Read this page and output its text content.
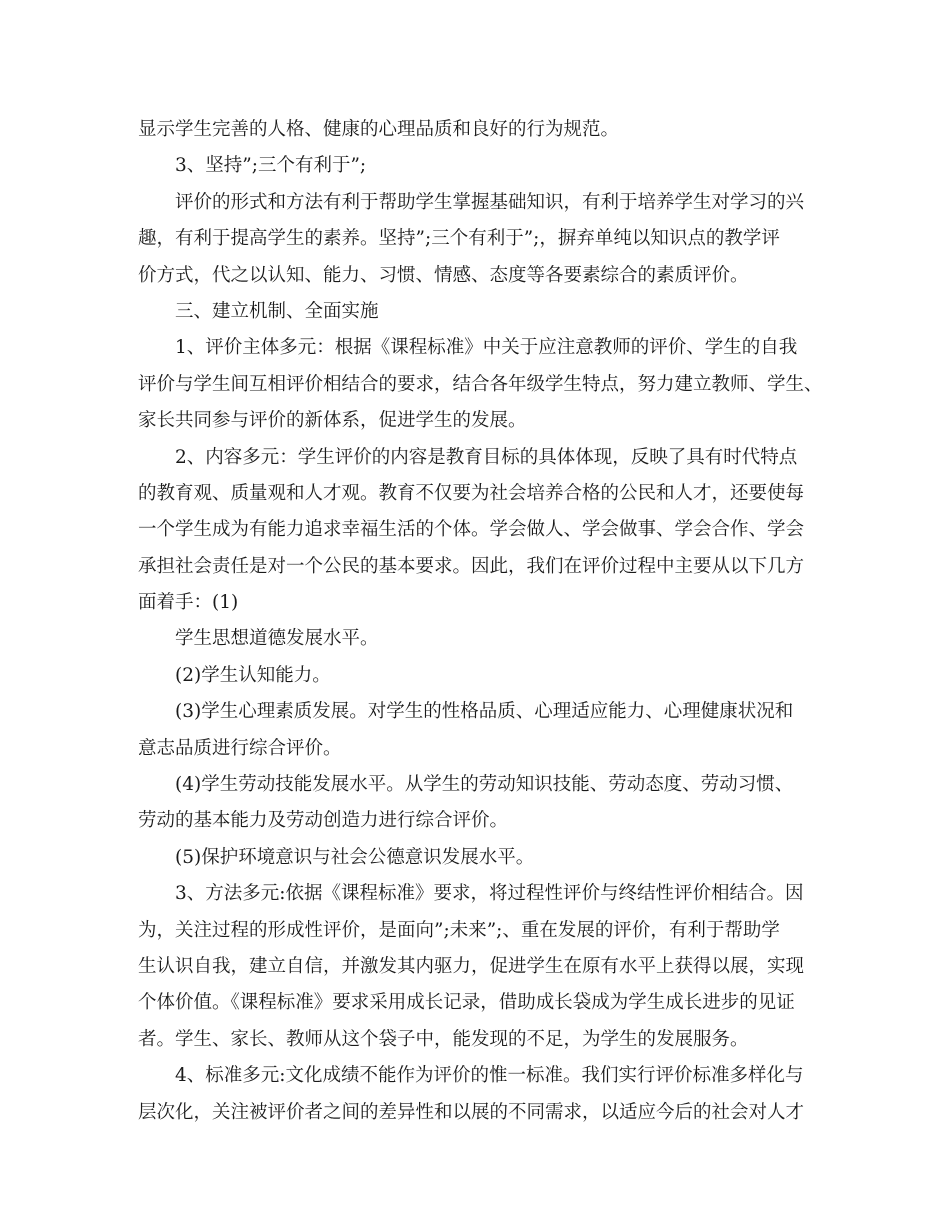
显示学生完善的人格、健康的心理品质和良好的行为规范。
3、坚持”;三个有利于”;
评价的形式和方法有利于帮助学生掌握基础知识，有利于培养学生对学习的兴
趣，有利于提高学生的素养。坚持”;三个有利于”;，摒弃单纯以知识点的教学评
价方式，代之以认知、能力、习惯、情感、态度等各要素综合的素质评价。
三、建立机制、全面实施
1、评价主体多元：根据《课程标准》中关于应注意教师的评价、学生的自我
评价与学生间互相评价相结合的要求，结合各年级学生特点，努力建立教师、学生、
家长共同参与评价的新体系，促进学生的发展。
2、内容多元：学生评价的内容是教育目标的具体体现，反映了具有时代特点
的教育观、质量观和人才观。教育不仅要为社会培养合格的公民和人才，还要使每
一个学生成为有能力追求幸福生活的个体。学会做人、学会做事、学会合作、学会
承担社会责任是对一个公民的基本要求。因此，我们在评价过程中主要从以下几方
面着手：(1)
学生思想道德发展水平。
(2)学生认知能力。
(3)学生心理素质发展。对学生的性格品质、心理适应能力、心理健康状况和
意志品质进行综合评价。
(4)学生劳动技能发展水平。从学生的劳动知识技能、劳动态度、劳动习惯、
劳动的基本能力及劳动创造力进行综合评价。
(5)保护环境意识与社会公德意识发展水平。
3、方法多元:依据《课程标准》要求，将过程性评价与终结性评价相结合。因
为，关注过程的形成性评价，是面向”;未来”;、重在发展的评价，有利于帮助学
生认识自我，建立自信，并激发其内驱力，促进学生在原有水平上获得以展，实现
个体价值。《课程标准》要求采用成长记录，借助成长袋成为学生成长进步的见证
者。学生、家长、教师从这个袋子中，能发现的不足，为学生的发展服务。
4、标准多元:文化成绩不能作为评价的惟一标准。我们实行评价标准多样化与
层次化，关注被评价者之间的差异性和以展的不同需求，以适应今后的社会对人才
